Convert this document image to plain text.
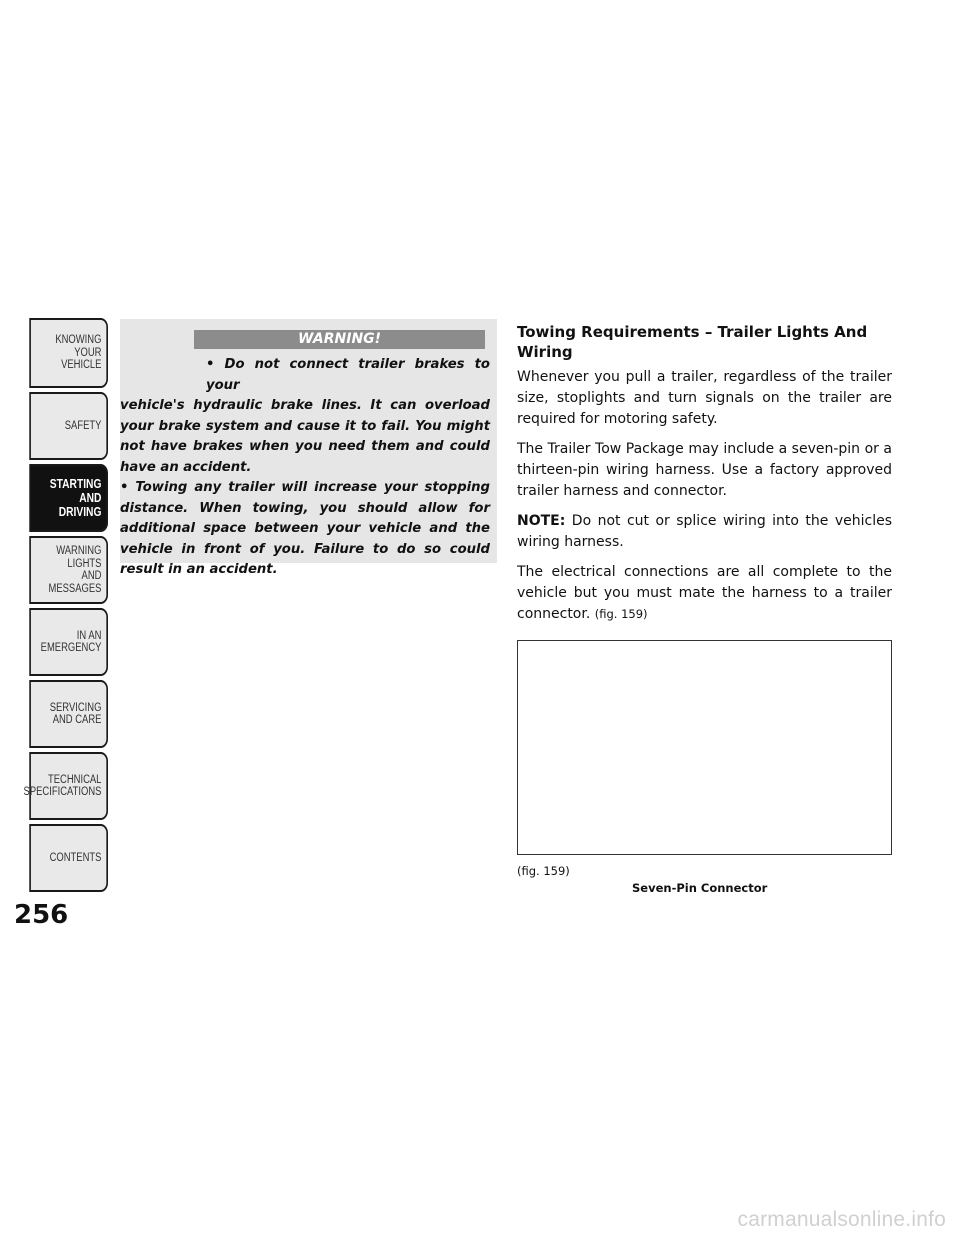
KNOWING
YOUR
VEHICLE
SAFETY
STARTING
AND
DRIVING
WARNING
LIGHTS
AND
MESSAGES
IN AN
EMERGENCY
SERVICING
AND CARE
TECHNICAL
SPECIFICATIONS
CONTENTS
256
WARNING!
• Do not connect trailer brakes to your
vehicle's hydraulic brake lines. It can overload your brake system and cause it to fail. You might not have brakes when you need them and could have an accident.
• Towing any trailer will increase your stopping distance. When towing, you should allow for additional space between your vehicle and the vehicle in front of you. Failure to do so could result in an accident.
Towing Requirements – Trailer Lights And Wiring

Whenever you pull a trailer, regardless of the trailer size, stoplights and turn signals on the trailer are required for motoring safety.

The Trailer Tow Package may include a seven-pin or a thirteen-pin wiring harness. Use a factory approved trailer harness and connector.

NOTE: Do not cut or splice wiring into the vehicles wiring harness.

The electrical connections are all complete to the vehicle but you must mate the harness to a trailer connector. (fig. 159)

(fig. 159)
Seven-Pin Connector
carmanualsonline.info
